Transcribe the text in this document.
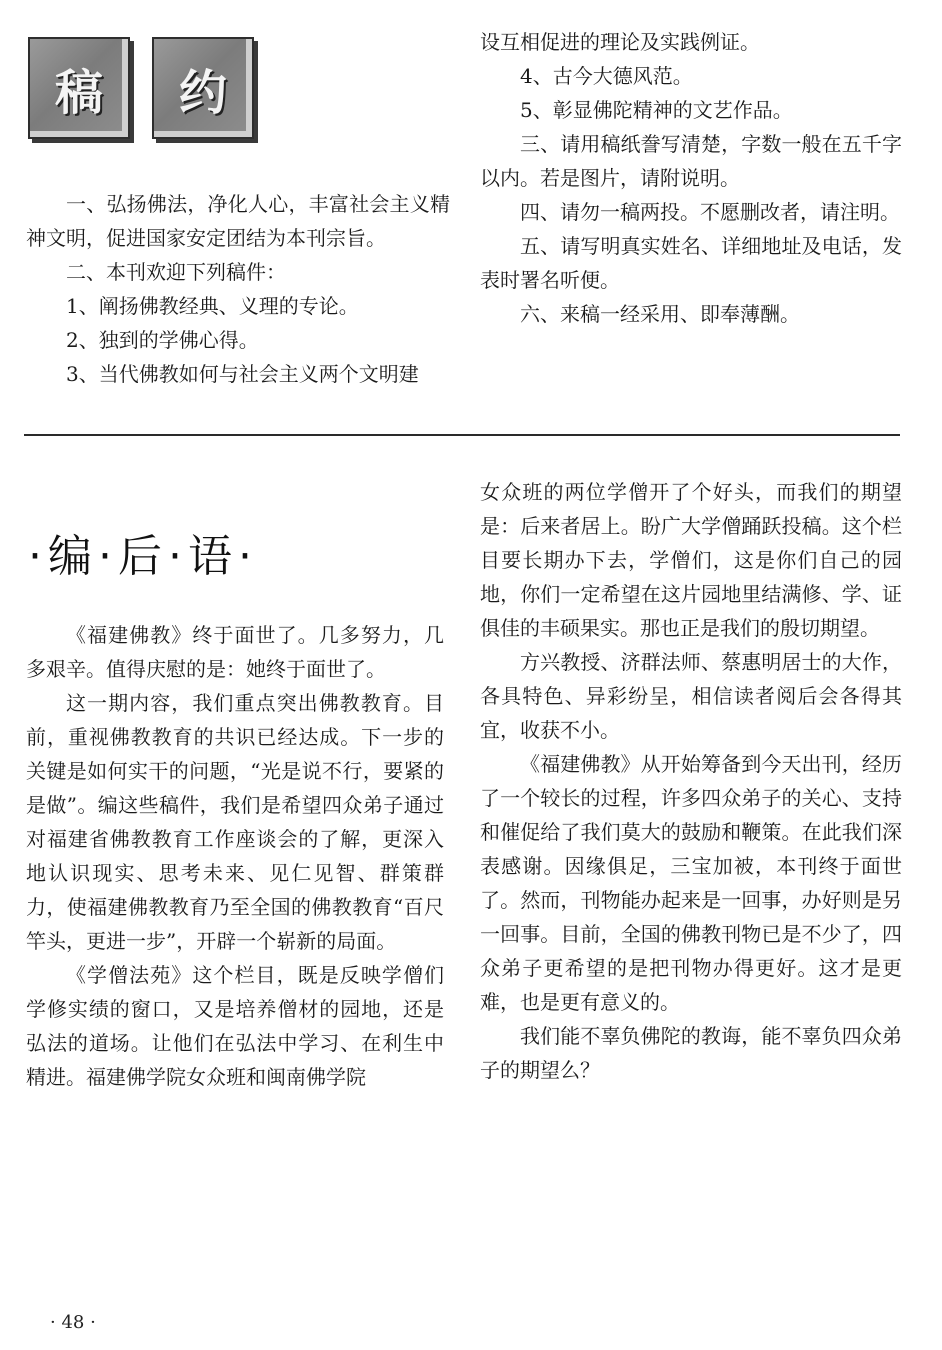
稿 约

一、弘扬佛法，净化人心，丰富社会主义精神文明，促进国家安定团结为本刊宗旨。

二、本刊欢迎下列稿件：

1、阐扬佛教经典、义理的专论。

2、独到的学佛心得。

3、当代佛教如何与社会主义两个文明建

设互相促进的理论及实践例证。

4、古今大德风范。

5、彰显佛陀精神的文艺作品。

三、请用稿纸誊写清楚，字数一般在五千字以内。若是图片，请附说明。

四、请勿一稿两投。不愿删改者，请注明。

五、请写明真实姓名、详细地址及电话，发表时署名听便。

六、来稿一经采用、即奉薄酬。

·编·后·语·

《福建佛教》终于面世了。几多努力，几多艰辛。值得庆慰的是：她终于面世了。

这一期内容，我们重点突出佛教教育。目前，重视佛教教育的共识已经达成。下一步的关键是如何实干的问题，“光是说不行，要紧的是做”。编这些稿件，我们是希望四众弟子通过对福建省佛教教育工作座谈会的了解，更深入地认识现实、思考未来、见仁见智、群策群力，使福建佛教教育乃至全国的佛教教育“百尺竿头，更进一步”，开辟一个崭新的局面。

《学僧法苑》这个栏目，既是反映学僧们学修实绩的窗口，又是培养僧材的园地，还是弘法的道场。让他们在弘法中学习、在利生中精进。福建佛学院女众班和闽南佛学院

女众班的两位学僧开了个好头，而我们的期望是：后来者居上。盼广大学僧踊跃投稿。这个栏目要长期办下去，学僧们，这是你们自己的园地，你们一定希望在这片园地里结满修、学、证俱佳的丰硕果实。那也正是我们的殷切期望。

方兴教授、济群法师、蔡惠明居士的大作，各具特色、异彩纷呈，相信读者阅后会各得其宜，收获不小。

《福建佛教》从开始筹备到今天出刊，经历了一个较长的过程，许多四众弟子的关心、支持和催促给了我们莫大的鼓励和鞭策。在此我们深表感谢。因缘俱足，三宝加被，本刊终于面世了。然而，刊物能办起来是一回事，办好则是另一回事。目前，全国的佛教刊物已是不少了，四众弟子更希望的是把刊物办得更好。这才是更难，也是更有意义的。

我们能不辜负佛陀的教诲，能不辜负四众弟子的期望么？

· 48 ·
